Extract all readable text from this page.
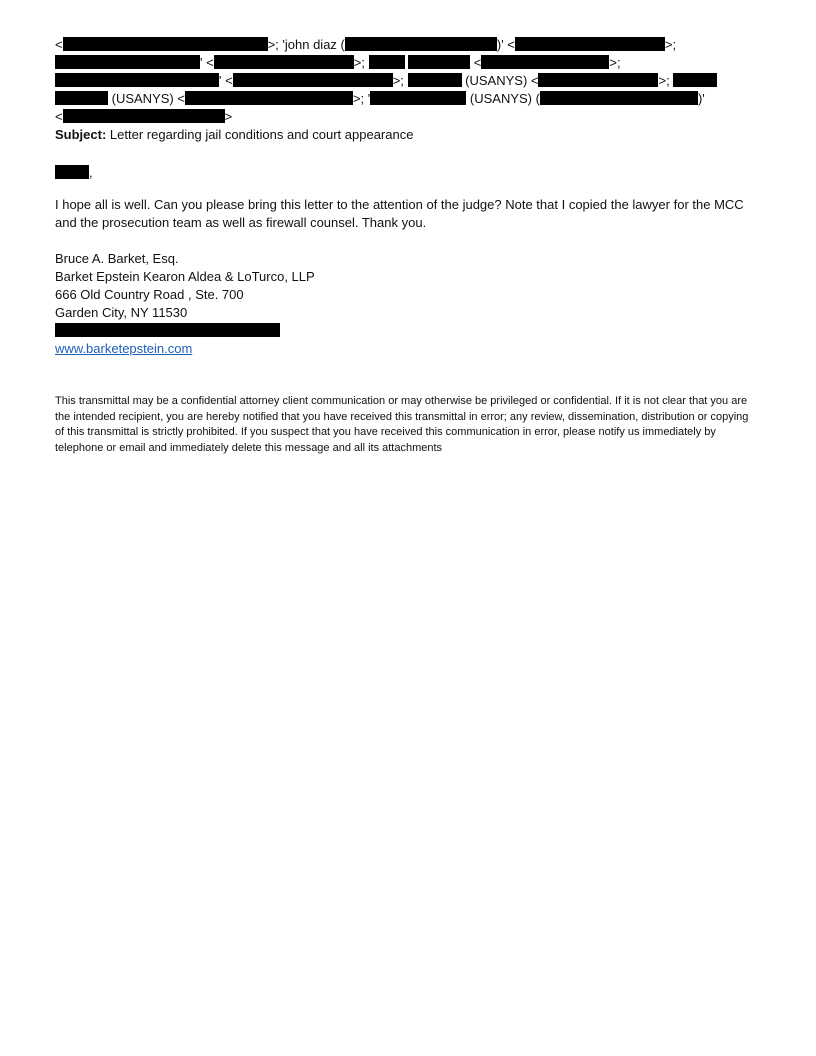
<	>; 'john diaz (	)' <	>;
' <	>;	<	>;
' <	>;	(USANYS) <	>;
(USANYS) <	>; '	(USANYS) (	)'
<	>
Subject: Letter regarding jail conditions and court appearance
,
I hope all is well. Can you please bring this letter to the attention of the judge? Note that I copied the lawyer for the MCC and the prosecution team as well as firewall counsel. Thank you.
Bruce A. Barket, Esq.
Barket Epstein Kearon Aldea & LoTurco, LLP
666 Old Country Road , Ste. 700
Garden City, NY 11530
www.barketepstein.com
This transmittal may be a confidential attorney client communication or may otherwise be privileged or confidential. If it is not clear that you are the intended recipient, you are hereby notified that you have received this transmittal in error; any review, dissemination, distribution or copying of this transmittal is strictly prohibited. If you suspect that you have received this communication in error, please notify us immediately by telephone or email and immediately delete this message and all its attachments
